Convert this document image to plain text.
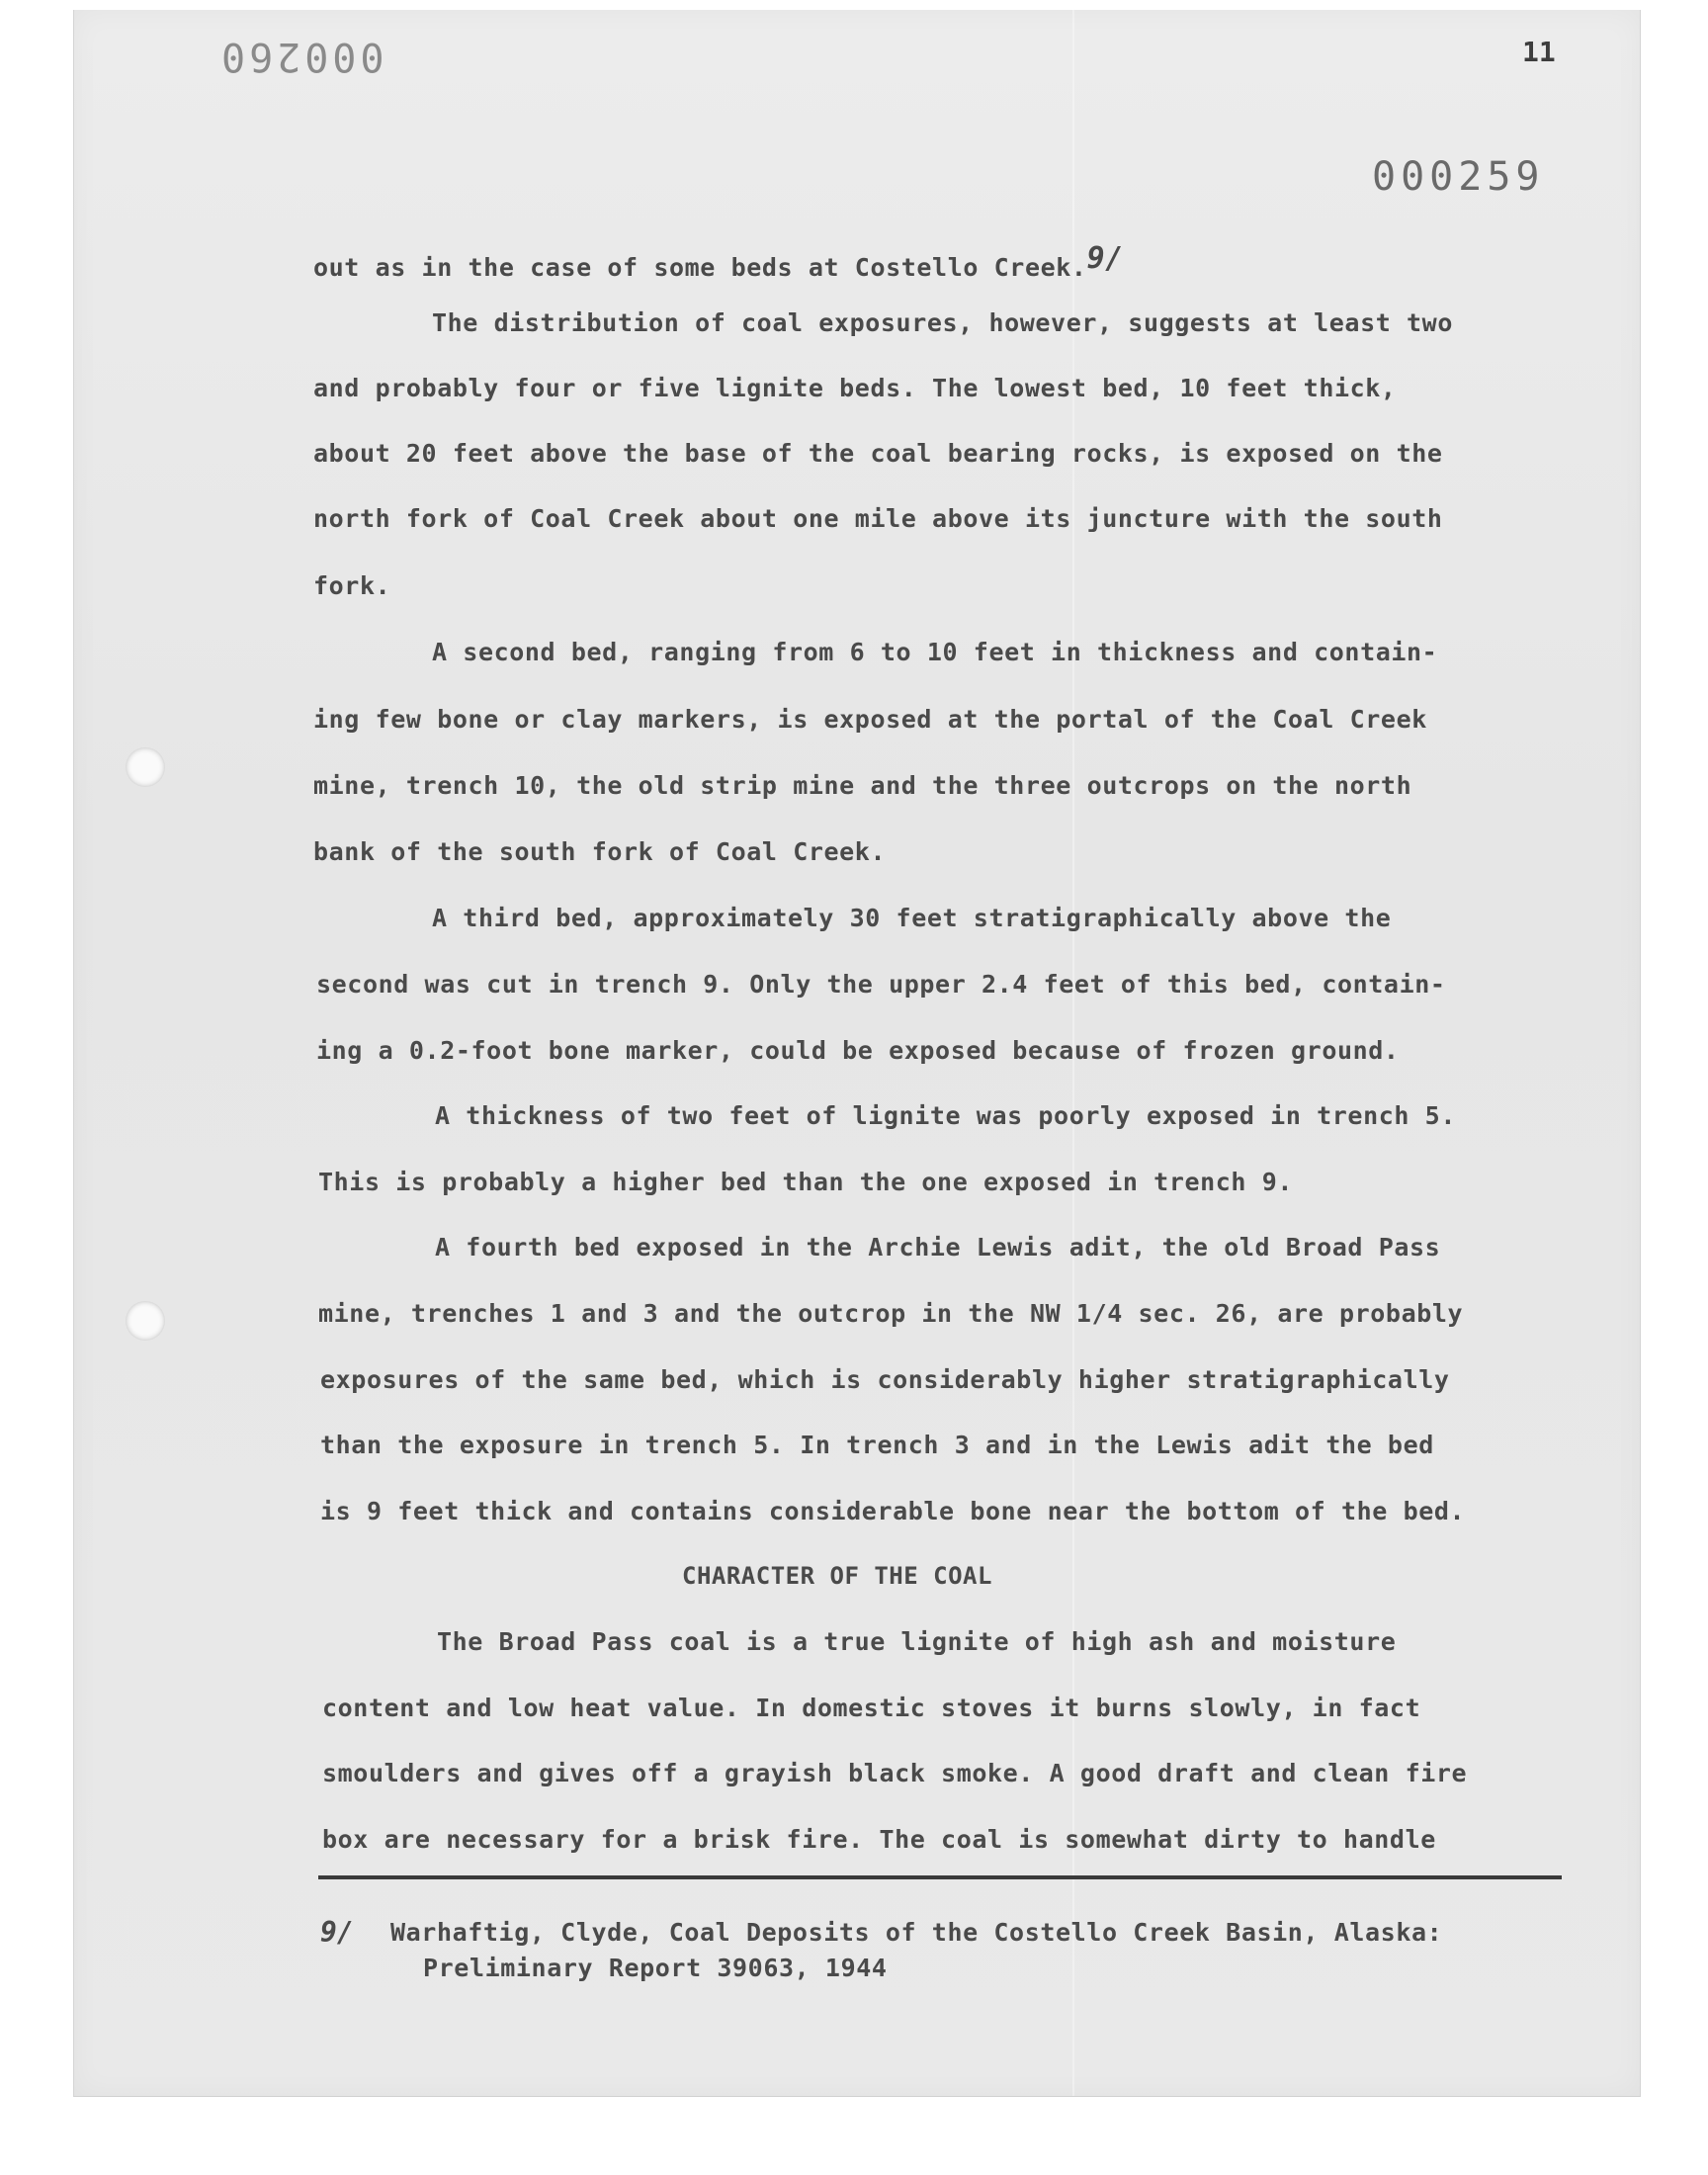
000260	11
000259
out as in the case of some beds at Costello Creek.9/
The distribution of coal exposures, however, suggests at least two
and probably four or five lignite beds. The lowest bed, 10 feet thick,
about 20 feet above the base of the coal bearing rocks, is exposed on the
north fork of Coal Creek about one mile above its juncture with the south
fork.
A second bed, ranging from 6 to 10 feet in thickness and contain-
ing few bone or clay markers, is exposed at the portal of the Coal Creek
mine, trench 10, the old strip mine and the three outcrops on the north
bank of the south fork of Coal Creek.
A third bed, approximately 30 feet stratigraphically above the
second was cut in trench 9. Only the upper 2.4 feet of this bed, contain-
ing a 0.2-foot bone marker, could be exposed because of frozen ground.
A thickness of two feet of lignite was poorly exposed in trench 5.
This is probably a higher bed than the one exposed in trench 9.
A fourth bed exposed in the Archie Lewis adit, the old Broad Pass
mine, trenches 1 and 3 and the outcrop in the NW 1/4 sec. 26, are probably
exposures of the same bed, which is considerably higher stratigraphically
than the exposure in trench 5. In trench 3 and in the Lewis adit the bed
is 9 feet thick and contains considerable bone near the bottom of the bed.
CHARACTER OF THE COAL
The Broad Pass coal is a true lignite of high ash and moisture
content and low heat value. In domestic stoves it burns slowly, in fact
smoulders and gives off a grayish black smoke. A good draft and clean fire
box are necessary for a brisk fire. The coal is somewhat dirty to handle
9/ Warhaftig, Clyde, Coal Deposits of the Costello Creek Basin, Alaska:
Preliminary Report 39063, 1944
